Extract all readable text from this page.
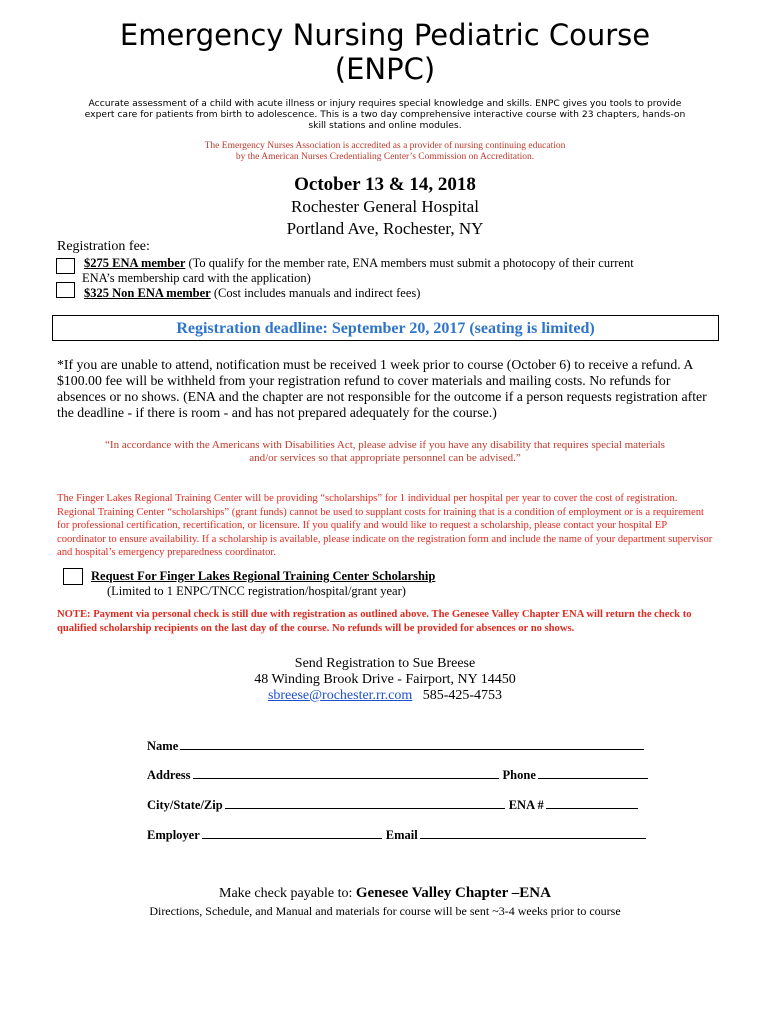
Emergency Nursing Pediatric Course
(ENPC)
Accurate assessment of a child with acute illness or injury requires special knowledge and skills. ENPC gives you tools to provide expert care for patients from birth to adolescence. This is a two day comprehensive interactive course with 23 chapters, hands-on skill stations and online modules.
The Emergency Nurses Association is accredited as a provider of nursing continuing education
by the American Nurses Credentialing Center’s Commission on Accreditation.
October 13 & 14, 2018
Rochester General Hospital
Portland Ave, Rochester, NY
Registration fee:
$275 ENA member (To qualify for the member rate, ENA members must submit a photocopy of their current
ENA’s membership card with the application)
$325 Non ENA member (Cost includes manuals and indirect fees)
Registration deadline: September 20, 2017 (seating is limited)
*If you are unable to attend, notification must be received 1 week prior to course (October 6) to receive a refund. A $100.00 fee will be withheld from your registration refund to cover materials and mailing costs. No refunds for absences or no shows. (ENA and the chapter are not responsible for the outcome if a person requests registration after the deadline - if there is room - and has not prepared adequately for the course.)
“In accordance with the Americans with Disabilities Act, please advise if you have any disability that requires special materials
and/or services so that appropriate personnel can be advised.”
The Finger Lakes Regional Training Center will be providing “scholarships” for 1 individual per hospital per year to cover the cost of registration. Regional Training Center “scholarships” (grant funds) cannot be used to supplant costs for training that is a condition of employment or is a requirement for professional certification, recertification, or licensure. If you qualify and would like to request a scholarship, please contact your hospital EP coordinator to ensure availability. If a scholarship is available, please indicate on the registration form and include the name of your department supervisor and hospital’s emergency preparedness coordinator.
Request For Finger Lakes Regional Training Center Scholarship
(Limited to 1 ENPC/TNCC registration/hospital/grant year)
NOTE: Payment via personal check is still due with registration as outlined above. The Genesee Valley Chapter ENA will return the check to qualified scholarship recipients on the last day of the course. No refunds will be provided for absences or no shows.
Send Registration to Sue Breese
48 Winding Brook Drive - Fairport, NY 14450
sbreese@rochester.rr.com 585-425-4753
Name
Address	Phone
City/State/Zip	ENA #
Employer	Email
Make check payable to: Genesee Valley Chapter –ENA
Directions, Schedule, and Manual and materials for course will be sent ~3-4 weeks prior to course
